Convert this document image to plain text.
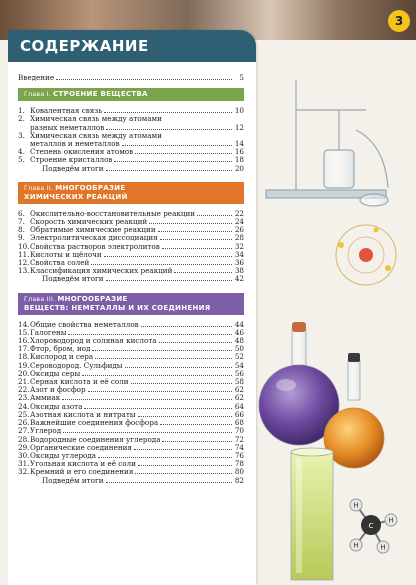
3
СОДЕРЖАНИЕ
Введение	5
Глава I. СТРОЕНИЕ ВЕЩЕСТВА
1. Ковалентная связь	10
2. Химическая связь между атомами
разных неметаллов	12
3. Химическая связь между атомами
металлов и неметаллов	14
4. Степень окисления атомов	16
5. Строение кристаллов	18
Подведём итоги	20
Глава II. МНОГООБРАЗИЕ
ХИМИЧЕСКИХ РЕАКЦИЙ
6. Окислительно-восстановительные реакции	22
7. Скорость химических реакций	24
8. Обратимые химические реакции	26
9. Электролитическая диссоциация	28
10. Свойства растворов электролитов	32
11. Кислоты и щёлочи	34
12. Свойства солей	36
13. Классификация химических реакций	38
Подведём итоги	42
Глава III. МНОГООБРАЗИЕ
ВЕЩЕСТВ: НЕМЕТАЛЛЫ И ИХ СОЕДИНЕНИЯ
14. Общие свойства неметаллов	44
15. Галогены	46
16. Хлороводород и соляная кислота	48
17. Фтор, бром, иод	50
18. Кислород и сера	52
19. Сероводород. Сульфиды	54
20. Оксиды серы	56
21. Серная кислота и её соли	58
22. Азот и фосфор	62
23. Аммиак	62
24. Оксиды азота	64
25. Азотная кислота и нитраты	66
26. Важнейшие соединения фосфора	68
27. Углерод	70
28. Водородные соединения углерода	72
29. Органические соединения	74
30. Оксиды углерода	76
31. Угольная кислота и её соли	78
32. Кремний и его соединения	80
Подведём итоги	82
C
H
H
H	H
